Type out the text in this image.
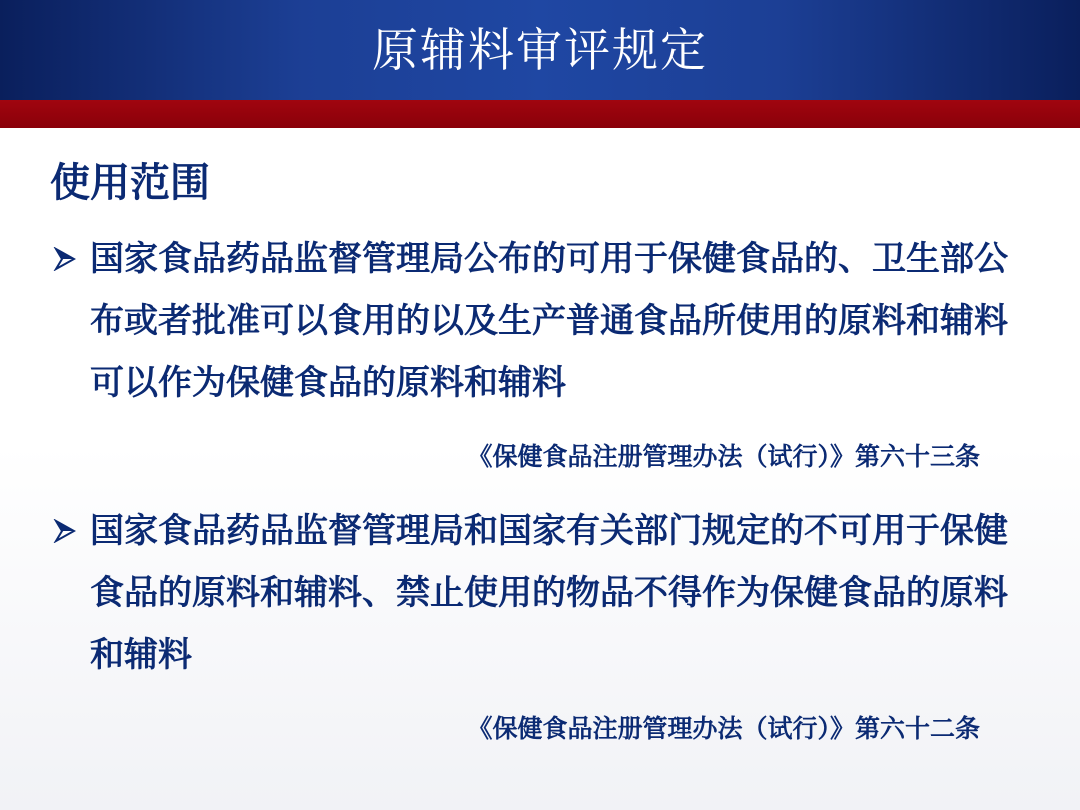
原辅料审评规定
使用范围
国家食品药品监督管理局公布的可用于保健食品的、卫生部公布或者批准可以食用的以及生产普通食品所使用的原料和辅料可以作为保健食品的原料和辅料
《保健食品注册管理办法（试行）》第六十三条
国家食品药品监督管理局和国家有关部门规定的不可用于保健食品的原料和辅料、禁止使用的物品不得作为保健食品的原料和辅料
《保健食品注册管理办法（试行）》第六十二条
